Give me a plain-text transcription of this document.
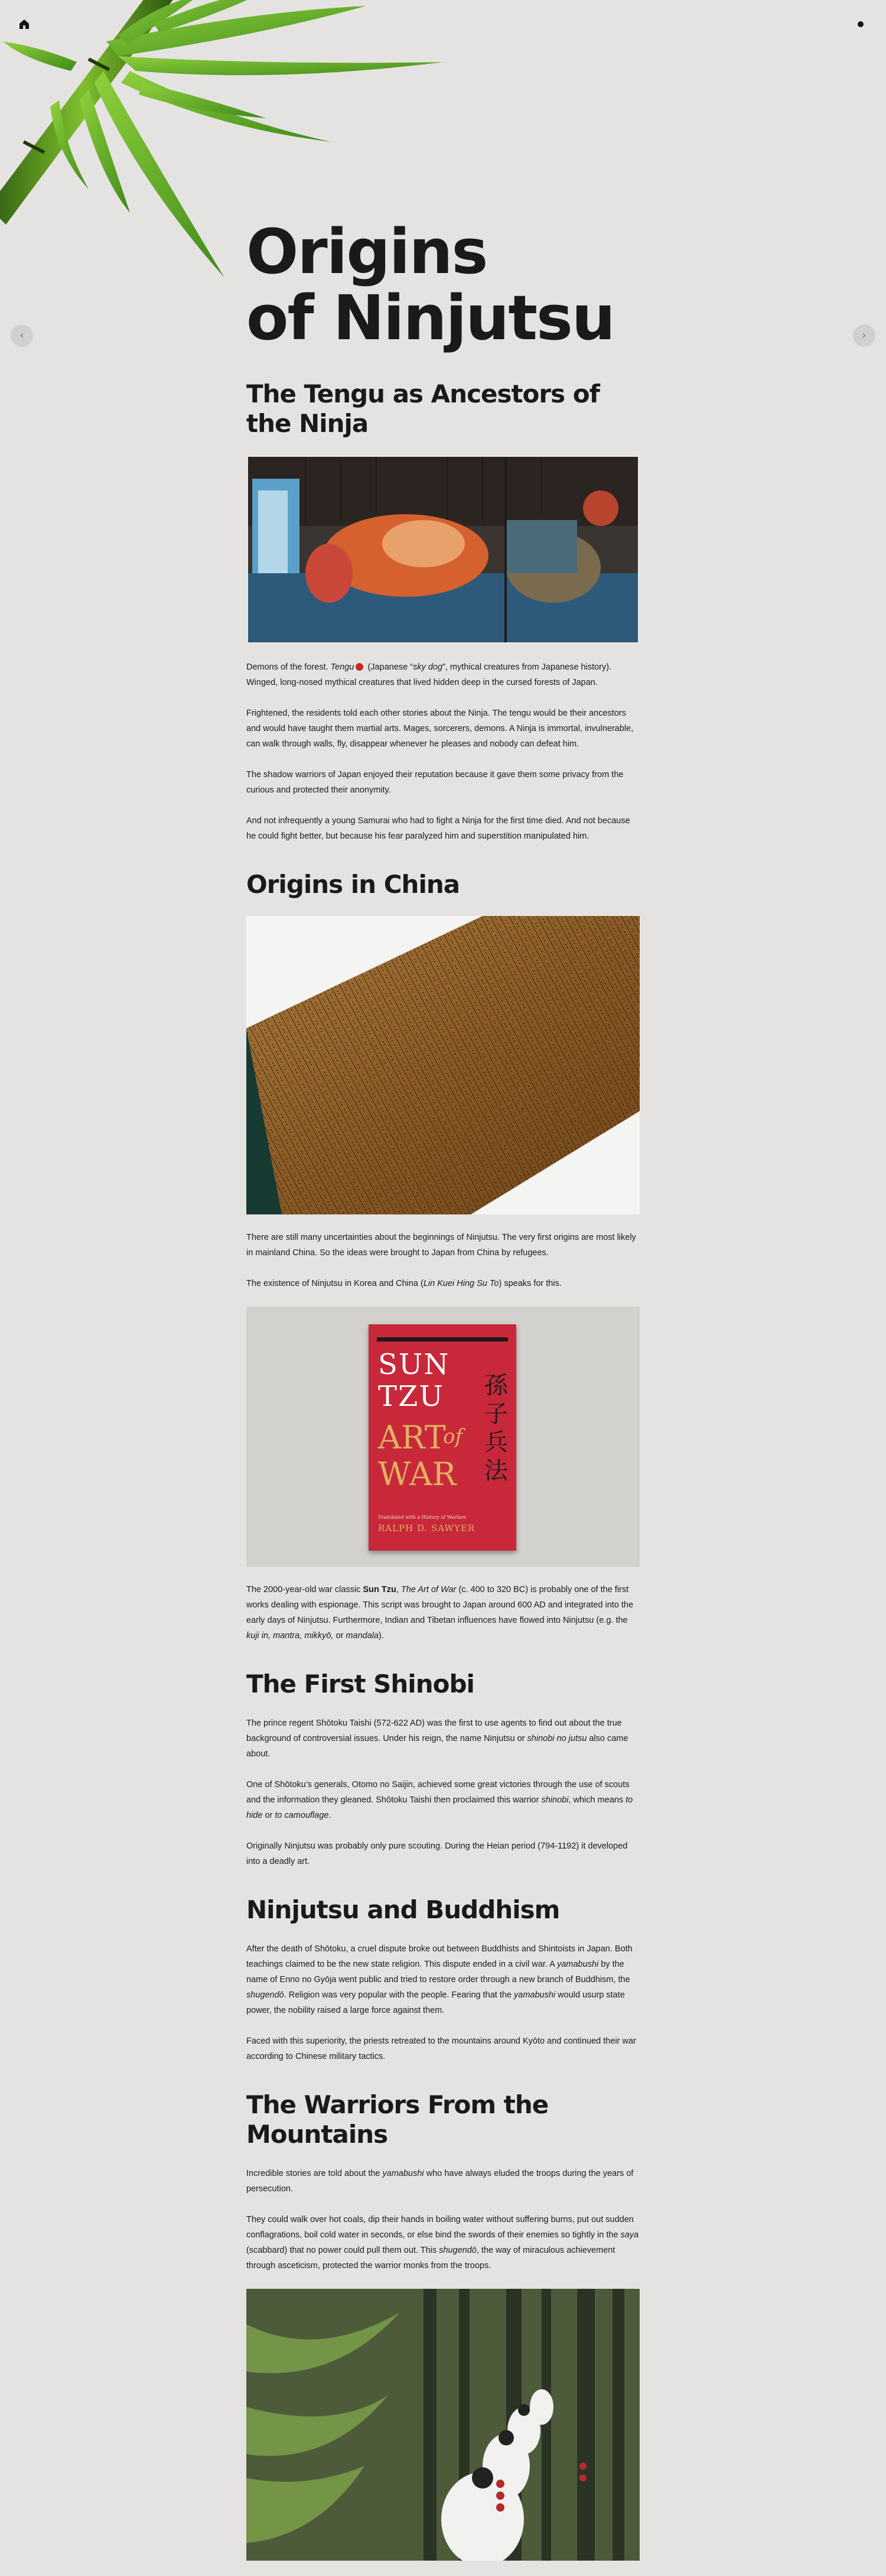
‹	›
Origins
of Ninjutsu
The Tengu as Ancestors of the Ninja

Demons of the forest. Tengu (Japanese “sky dog”, mythical creatures from Japanese history). Winged, long-nosed mythical creatures that lived hidden deep in the cursed forests of Japan.

Frightened, the residents told each other stories about the Ninja. The tengu would be their ancestors and would have taught them martial arts. Mages, sorcerers, demons. A Ninja is immortal, invulnerable, can walk through walls, fly, disappear whenever he pleases and nobody can defeat him.

The shadow warriors of Japan enjoyed their reputation because it gave them some privacy from the curious and protected their anonymity.

And not infrequently a young Samurai who had to fight a Ninja for the first time died. And not because he could fight better, but because his fear paralyzed him and superstition manipulated him.

Origins in China

There are still many uncertainties about the beginnings of Ninjutsu. The very first origins are most likely in mainland China. So the ideas were brought to Japan from China by refugees.

The existence of Ninjutsu in Korea and China (Lin Kuei Hing Su To) speaks for this.

SUN
TZU
ART
of
WAR
孫子兵法
Translated with a History of Warfare
RALPH D. SAWYER

The 2000-year-old war classic Sun Tzu, The Art of War (c. 400 to 320 BC) is probably one of the first works dealing with espionage. This script was brought to Japan around 600 AD and integrated into the early days of Ninjutsu. Furthermore, Indian and Tibetan influences have flowed into Ninjutsu (e.g. the kuji in, mantra, mikkyō, or mandala).

The First Shinobi

The prince regent Shōtoku Taishi (572-622 AD) was the first to use agents to find out about the true background of controversial issues. Under his reign, the name Ninjutsu or shinobi no jutsu also came about.

One of Shōtoku’s generals, Otomo no Saijin, achieved some great victories through the use of scouts and the information they gleaned. Shōtoku Taishi then proclaimed this warrior shinobi, which means to hide or to camouflage.

Originally Ninjutsu was probably only pure scouting. During the Heian period (794-1192) it developed into a deadly art.

Ninjutsu and Buddhism

After the death of Shōtoku, a cruel dispute broke out between Buddhists and Shintoists in Japan. Both teachings claimed to be the new state religion. This dispute ended in a civil war. A yamabushi by the name of Enno no Gyōja went public and tried to restore order through a new branch of Buddhism, the shugendō. Religion was very popular with the people. Fearing that the yamabushi would usurp state power, the nobility raised a large force against them.

Faced with this superiority, the priests retreated to the mountains around Kyōto and continued their war according to Chinese military tactics.

The Warriors From the Mountains

Incredible stories are told about the yamabushi who have always eluded the troops during the years of persecution.

They could walk over hot coals, dip their hands in boiling water without suffering burns, put out sudden conflagrations, boil cold water in seconds, or else bind the swords of their enemies so tightly in the saya (scabbard) that no power could pull them out. This shugendō, the way of miraculous achievement through asceticism, protected the warrior monks from the troops.
